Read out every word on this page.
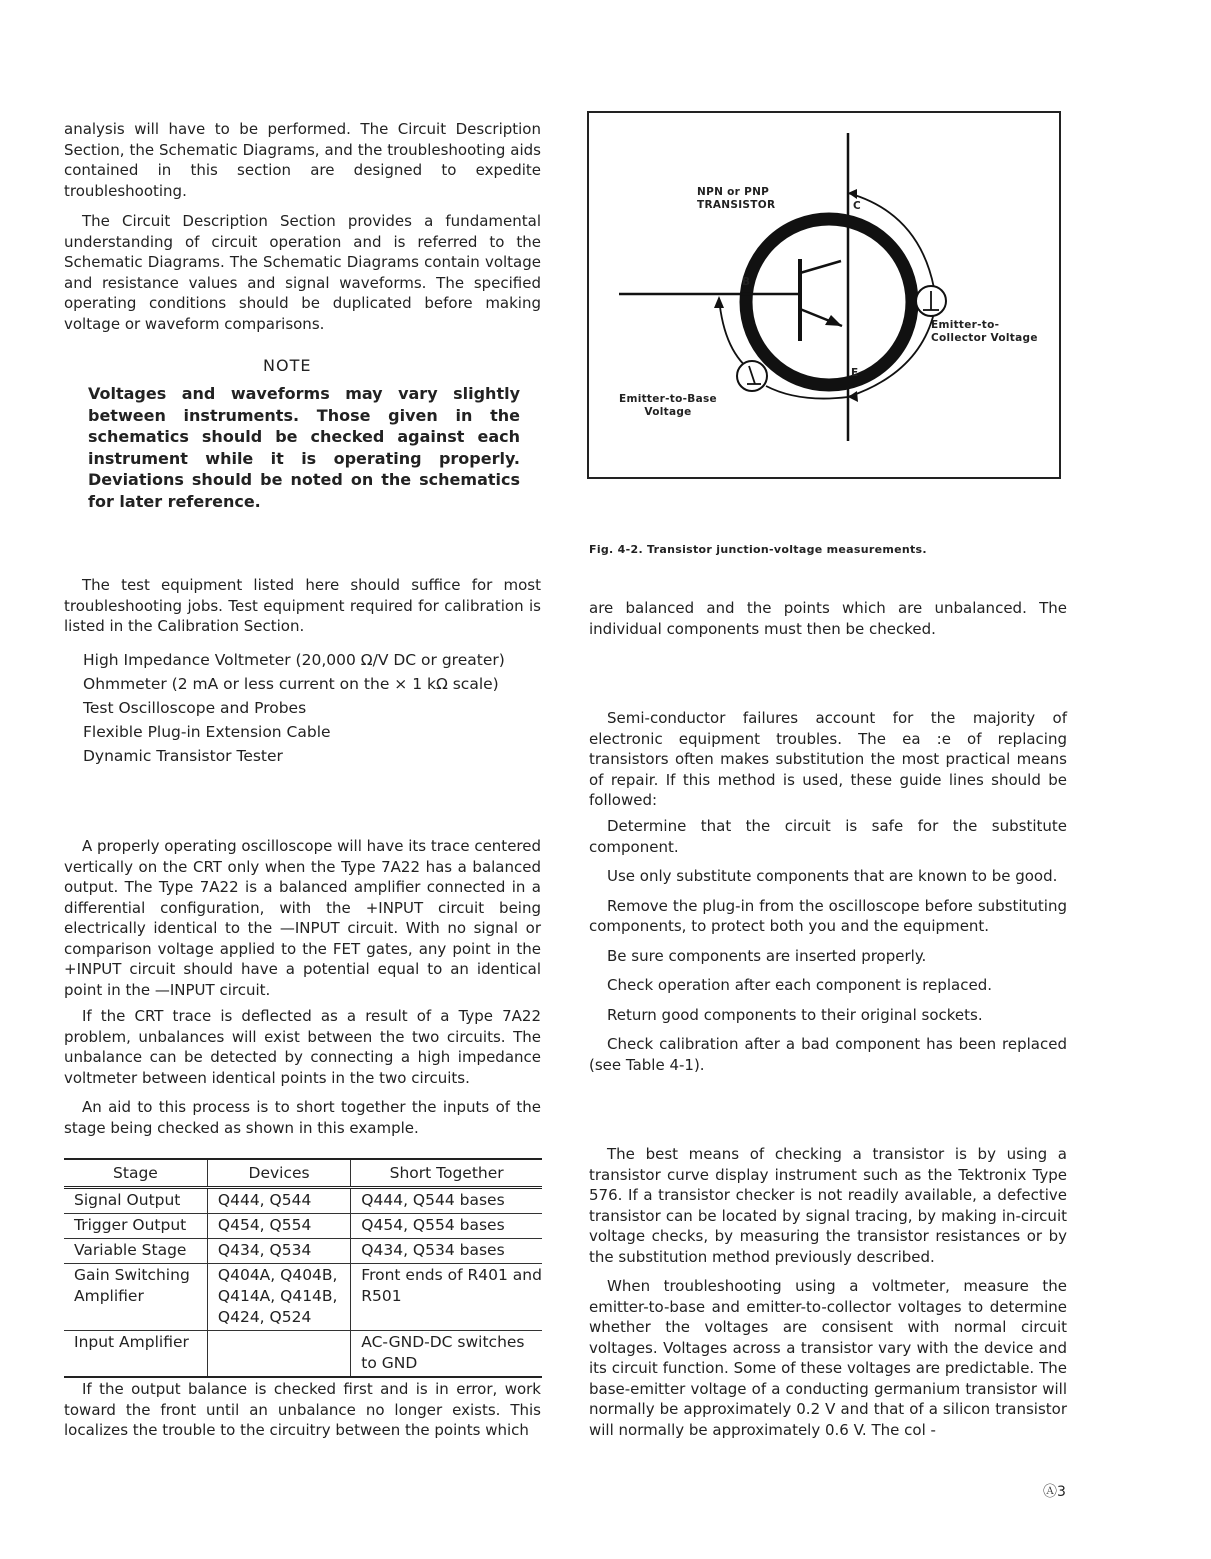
analysis will have to be performed. The Circuit Description Section, the Schematic Diagrams, and the troubleshooting aids contained in this section are designed to expedite troubleshooting.

The Circuit Description Section provides a fundamental understanding of circuit operation and is referred to the Schematic Diagrams. The Schematic Diagrams contain voltage and resistance values and signal waveforms. The specified operating conditions should be duplicated before making voltage or waveform comparisons.

NOTE

Voltages and waveforms may vary slightly between instruments. Those given in the schematics should be checked against each instrument while it is operating properly. Deviations should be noted on the schematics for later reference.

The test equipment listed here should suffice for most troubleshooting jobs. Test equipment required for calibration is listed in the Calibration Section.

High Impedance Voltmeter (20,000 Ω/V DC or greater)
Ohmmeter (2 mA or less current on the × 1 kΩ scale)
Test Oscilloscope and Probes
Flexible Plug-in Extension Cable
Dynamic Transistor Tester

A properly operating oscilloscope will have its trace centered vertically on the CRT only when the Type 7A22 has a balanced output. The Type 7A22 is a balanced amplifier connected in a differential configuration, with the +INPUT circuit being electrically identical to the —INPUT circuit. With no signal or comparison voltage applied to the FET gates, any point in the +INPUT circuit should have a potential equal to an identical point in the —INPUT circuit.

If the CRT trace is deflected as a result of a Type 7A22 problem, unbalances will exist between the two circuits. The unbalance can be detected by connecting a high impedance voltmeter between identical points in the two circuits.

An aid to this process is to short together the inputs of the stage being checked as shown in this example.

Stage	Devices	Short Together
Signal Output	Q444, Q544	Q444, Q544 bases
Trigger Output	Q454, Q554	Q454, Q554 bases
Variable Stage	Q434, Q534	Q434, Q534 bases
Gain Switching Amplifier	Q404A, Q404B, Q414A, Q414B, Q424, Q524	Front ends of R401 and R501
Input Amplifier		AC-GND-DC switches to GND

If the output balance is checked first and is in error, work toward the front until an unbalance no longer exists. This localizes the trouble to the circuitry between the points which

NPN or PNP
TRANSISTOR	C
B
E
Emitter-to-
Collector Voltage
Emitter-to-Base
Voltage
Fig. 4-2. Transistor junction-voltage measurements.

are balanced and the points which are unbalanced. The individual components must then be checked.

Semi-conductor failures account for the majority of electronic equipment troubles. The ea :e of replacing transistors often makes substitution the most practical means of repair. If this method is used, these guide lines should be followed:

Determine that the circuit is safe for the substitute component.
Use only substitute components that are known to be good.
Remove the plug-in from the oscilloscope before substituting components, to protect both you and the equipment.
Be sure components are inserted properly.
Check operation after each component is replaced.
Return good components to their original sockets.
Check calibration after a bad component has been replaced (see Table 4-1).

The best means of checking a transistor is by using a transistor curve display instrument such as the Tektronix Type 576. If a transistor checker is not readily available, a defective transistor can be located by signal tracing, by making in-circuit voltage checks, by measuring the transistor resistances or by the substitution method previously described.

When troubleshooting using a voltmeter, measure the emitter-to-base and emitter-to-collector voltages to determine whether the voltages are consisent with normal circuit voltages. Voltages across a transistor vary with the device and its circuit function. Some of these voltages are predictable. The base-emitter voltage of a conducting germanium transistor will normally be approximately 0.2 V and that of a silicon transistor will normally be approximately 0.6 V. The col -

Ⓐ3
